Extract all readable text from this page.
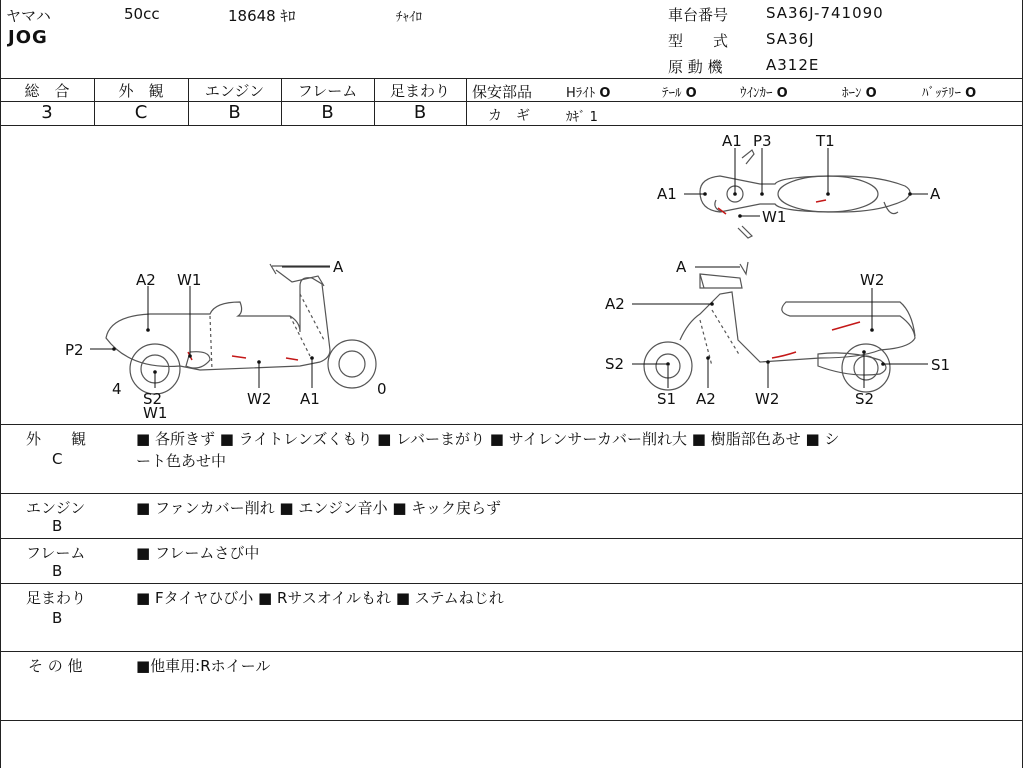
ヤマハ
JOG
50cc	18648 ｷﾛ	ﾁｬｲﾛ	車台番号	SA36J-741090
型　　式	SA36J
原 動 機	A312E
総　合	外　観	エンジン	フレーム	足まわり
3	C	B	B	B
保安部品	Hﾗｲﾄ O	ﾃｰﾙ O	ｳｲﾝｶｰ O	ﾎｰﾝ O	ﾊﾞｯﾃﾘｰ O
カ　ギ	ｶｷﾞ 1
A1 P3	T1
A1	A
W1
A
A2 W1
P2
4
S2
W1
W2 A1
0
A
A2
W2
S2	S1
A2	W2	S2
S1
外　　観
C
■ 各所きず ■ ライトレンズくもり ■ レバーまがり ■ サイレンサーカバー削れ大 ■ 樹脂部色あせ ■ シ
ート色あせ中
エンジン
B
■ ファンカバー削れ ■ エンジン音小 ■ キック戻らず
フレーム
B
■ フレームさび中
足まわり
B
■ Fタイヤひび小 ■ Rサスオイルもれ ■ ステムねじれ
そ の 他	■他車用:Rホイール
